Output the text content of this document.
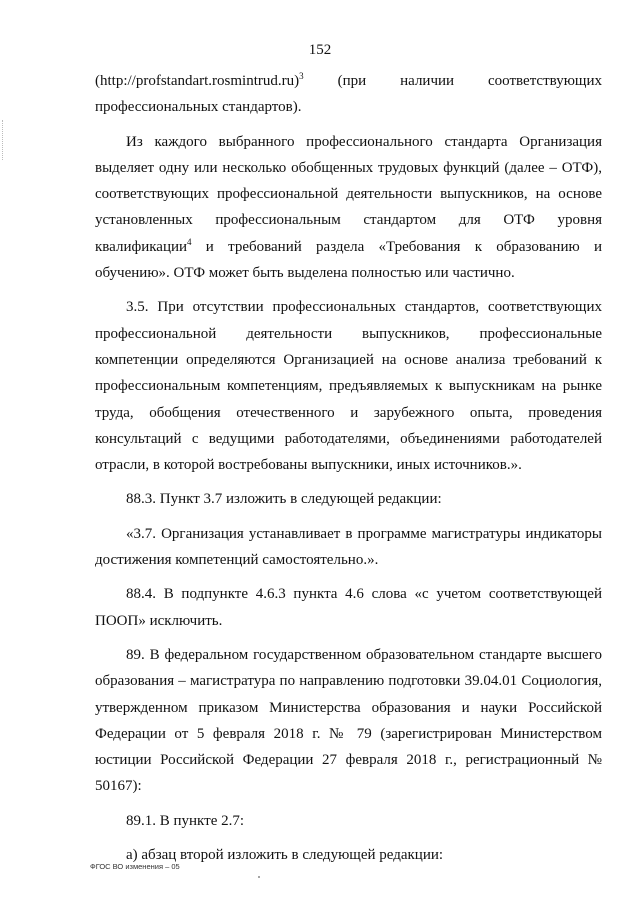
152

(http://profstandart.rosmintrud.ru)$^3$ (при наличии соответствующих профессиональных стандартов).

Из каждого выбранного профессионального стандарта Организация выделяет одну или несколько обобщенных трудовых функций (далее – ОТФ), соответствующих профессиональной деятельности выпускников, на основе установленных профессиональным стандартом для ОТФ уровня квалификации$^4$ и требований раздела «Требования к образованию и обучению». ОТФ может быть выделена полностью или частично.

3.5. При отсутствии профессиональных стандартов, соответствующих профессиональной деятельности выпускников, профессиональные компетенции определяются Организацией на основе анализа требований к профессиональным компетенциям, предъявляемых к выпускникам на рынке труда, обобщения отечественного и зарубежного опыта, проведения консультаций с ведущими работодателями, объединениями работодателей отрасли, в которой востребованы выпускники, иных источников.».

88.3. Пункт 3.7 изложить в следующей редакции:

«3.7. Организация устанавливает в программе магистратуры индикаторы достижения компетенций самостоятельно.».

88.4. В подпункте 4.6.3 пункта 4.6 слова «с учетом соответствующей ПООП» исключить.

89. В федеральном государственном образовательном стандарте высшего образования – магистратура по направлению подготовки 39.04.01 Социология, утвержденном приказом Министерства образования и науки Российской Федерации от 5 февраля 2018 г. № 79 (зарегистрирован Министерством юстиции Российской Федерации 27 февраля 2018 г., регистрационный № 50167):

89.1. В пункте 2.7:

а) абзац второй изложить в следующей редакции:

ФГОС ВО изменения – 05
